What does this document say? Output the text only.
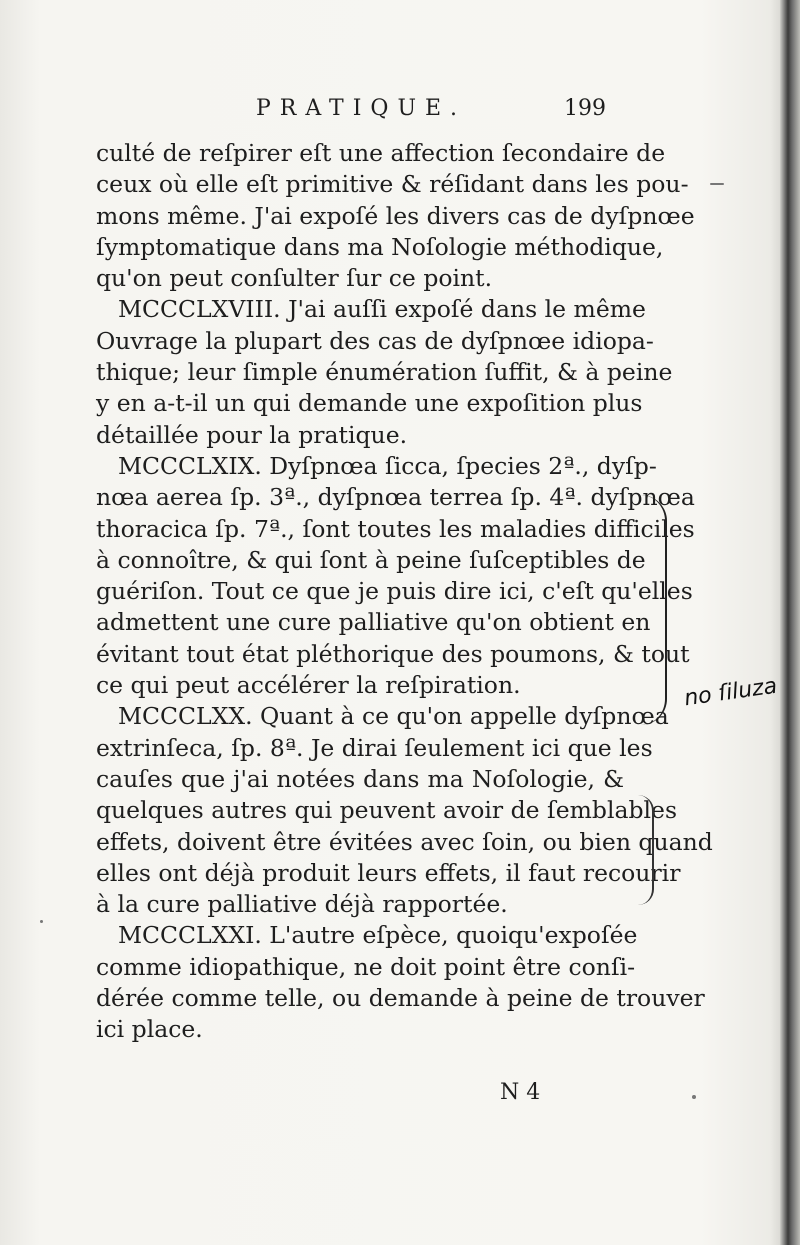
PRATIQUE.	199
culté de reſpirer eſt une affection ſecondaire de
ceux où elle eſt primitive & réſidant dans les pou-
mons même. J'ai expoſé les divers cas de dyſpnœe
ſymptomatique dans ma Noſologie méthodique,
qu'on peut conſulter ſur ce point.
MCCCLXVIII. J'ai auſſi expoſé dans le même
Ouvrage la plupart des cas de dyſpnœe idiopa-
thique; leur ſimple énumération ſuffit, & à peine
y en a-t-il un qui demande une expoſition plus
détaillée pour la pratique.
MCCCLXIX. Dyſpnœa ſicca, ſpecies 2ª., dyſp-
nœa aerea ſp. 3ª., dyſpnœa terrea ſp. 4ª. dyſpnœa
thoracica ſp. 7ª., ſont toutes les maladies difficiles
à connoître, & qui ſont à peine ſuſceptibles de
guériſon. Tout ce que je puis dire ici, c'eſt qu'elles
admettent une cure palliative qu'on obtient en
évitant tout état pléthorique des poumons, & tout
ce qui peut accélérer la reſpiration.
MCCCLXX. Quant à ce qu'on appelle dyſpnœa
extrinſeca, ſp. 8ª. Je dirai ſeulement ici que les
cauſes que j'ai notées dans ma Noſologie, &
quelques autres qui peuvent avoir de ſemblables
effets, doivent être évitées avec ſoin, ou bien quand
elles ont déjà produit leurs effets, il faut recourir
à la cure palliative déjà rapportée.
MCCCLXXI. L'autre eſpèce, quoiqu'expoſée
comme idiopathique, ne doit point être conſi-
dérée comme telle, ou demande à peine de trouver
ici place.
N 4
no ſiluza
